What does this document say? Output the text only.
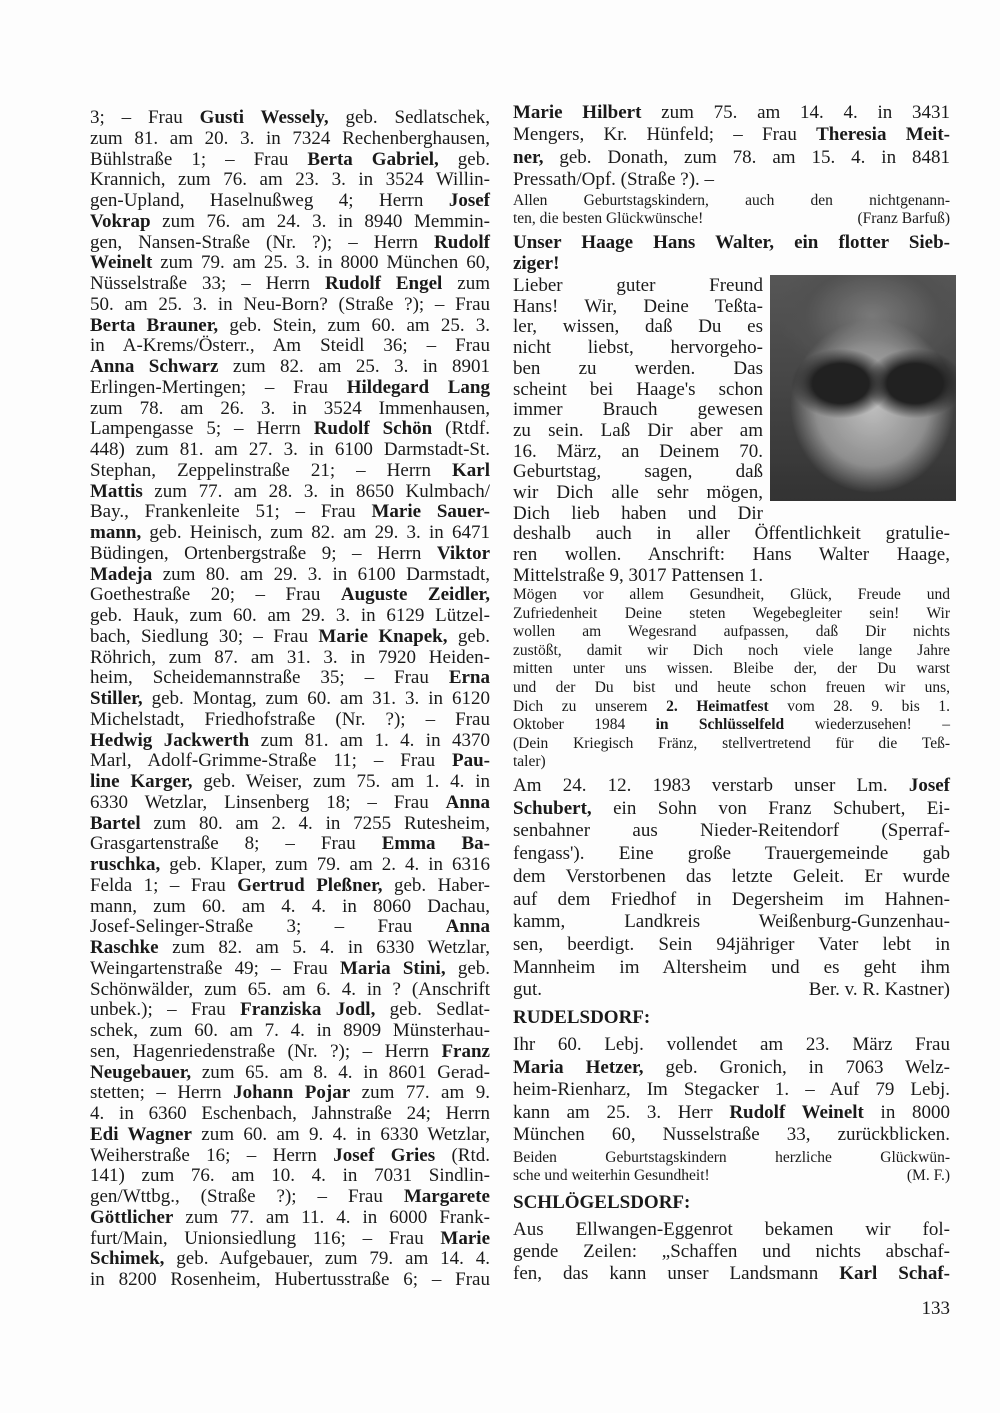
3; – Frau Gusti Wessely, geb. Sedlatschek,
zum 81. am 20. 3. in 7324 Rechenberghausen,
Bühlstraße 1; – Frau Berta Gabriel, geb.
Krannich, zum 76. am 23. 3. in 3524 Willin-
gen-Upland, Haselnußweg 4; Herrn Josef
Vokrap zum 76. am 24. 3. in 8940 Memmin-
gen, Nansen-Straße (Nr. ?); – Herrn Rudolf
Weinelt zum 79. am 25. 3. in 8000 München 60,
Nüsselstraße 33; – Herrn Rudolf Engel zum
50. am 25. 3. in Neu-Born? (Straße ?); – Frau
Berta Brauner, geb. Stein, zum 60. am 25. 3.
in A-Krems/Österr., Am Steidl 36; – Frau
Anna Schwarz zum 82. am 25. 3. in 8901
Erlingen-Mertingen; – Frau Hildegard Lang
zum 78. am 26. 3. in 3524 Immenhausen,
Lampengasse 5; – Herrn Rudolf Schön (Rtdf.
448) zum 81. am 27. 3. in 6100 Darmstadt-St.
Stephan, Zeppelinstraße 21; – Herrn Karl
Mattis zum 77. am 28. 3. in 8650 Kulmbach/
Bay., Frankenleite 51; – Frau Marie Sauer-
mann, geb. Heinisch, zum 82. am 29. 3. in 6471
Büdingen, Ortenbergstraße 9; – Herrn Viktor
Madeja zum 80. am 29. 3. in 6100 Darmstadt,
Goethestraße 20; – Frau Auguste Zeidler,
geb. Hauk, zum 60. am 29. 3. in 6129 Lützel-
bach, Siedlung 30; – Frau Marie Knapek, geb.
Röhrich, zum 87. am 31. 3. in 7920 Heiden-
heim, Scheidemannstraße 35; – Frau Erna
Stiller, geb. Montag, zum 60. am 31. 3. in 6120
Michelstadt, Friedhofstraße (Nr. ?); – Frau
Hedwig Jackwerth zum 81. am 1. 4. in 4370
Marl, Adolf-Grimme-Straße 11; – Frau Pau-
line Karger, geb. Weiser, zum 75. am 1. 4. in
6330 Wetzlar, Linsenberg 18; – Frau Anna
Bartel zum 80. am 2. 4. in 7255 Rutesheim,
Grasgartenstraße 8; – Frau Emma Ba-
ruschka, geb. Klaper, zum 79. am 2. 4. in 6316
Felda 1; – Frau Gertrud Pleßner, geb. Haber-
mann, zum 60. am 4. 4. in 8060 Dachau,
Josef-Selinger-Straße 3; – Frau Anna
Raschke zum 82. am 5. 4. in 6330 Wetzlar,
Weingartenstraße 49; – Frau Maria Stini, geb.
Schönwälder, zum 65. am 6. 4. in ? (Anschrift
unbek.); – Frau Franziska Jodl, geb. Sedlat-
schek, zum 60. am 7. 4. in 8909 Münsterhau-
sen, Hagenriedenstraße (Nr. ?); – Herrn Franz
Neugebauer, zum 65. am 8. 4. in 8601 Gerad-
stetten; – Herrn Johann Pojar zum 77. am 9.
4. in 6360 Eschenbach, Jahnstraße 24; Herrn
Edi Wagner zum 60. am 9. 4. in 6330 Wetzlar,
Weiherstraße 16; – Herrn Josef Gries (Rtd.
141) zum 76. am 10. 4. in 7031 Sindlin-
gen/Wttbg., (Straße ?); – Frau Margarete
Göttlicher zum 77. am 11. 4. in 6000 Frank-
furt/Main, Unionsiedlung 116; – Frau Marie
Schimek, geb. Aufgebauer, zum 79. am 14. 4.
in 8200 Rosenheim, Hubertusstraße 6; – Frau
Marie Hilbert zum 75. am 14. 4. in 3431
Mengers, Kr. Hünfeld; – Frau Theresia Meit-
ner, geb. Donath, zum 78. am 15. 4. in 8481
Pressath/Opf. (Straße ?). –
Allen Geburtstagskindern, auch den nichtgenann-
ten, die besten Glückwünsche!	(Franz Barfuß)
Unser Haage Hans Walter, ein flotter Sieb-
ziger!
Lieber guter Freund
Hans! Wir, Deine Teßta-
ler, wissen, daß Du es
nicht liebst, hervorgeho-
ben zu werden. Das
scheint bei Haage's schon
immer Brauch gewesen
zu sein. Laß Dir aber am
16. März, an Deinem 70.
Geburtstag, sagen, daß
wir Dich alle sehr mögen,
Dich lieb haben und Dir
deshalb auch in aller Öffentlichkeit gratulie-
ren wollen. Anschrift: Hans Walter Haage,
Mittelstraße 9, 3017 Pattensen 1.
Mögen vor allem Gesundheit, Glück, Freude und
Zufriedenheit Deine steten Wegebegleiter sein! Wir
wollen am Wegesrand aufpassen, daß Dir nichts
zustößt, damit wir Dich noch viele lange Jahre
mitten unter uns wissen. Bleibe der, der Du warst
und der Du bist und heute schon freuen wir uns,
Dich zu unserem 2. Heimatfest vom 28. 9. bis 1.
Oktober 1984 in Schlüsselfeld wiederzusehen! –
(Dein Kriegisch Fränz, stellvertretend für die Teß-
taler)
Am 24. 12. 1983 verstarb unser Lm. Josef
Schubert, ein Sohn von Franz Schubert, Ei-
senbahner aus Nieder-Reitendorf (Sperraf-
fengass'). Eine große Trauergemeinde gab
dem Verstorbenen das letzte Geleit. Er wurde
auf dem Friedhof in Degersheim im Hahnen-
kamm, Landkreis Weißenburg-Gunzenhau-
sen, beerdigt. Sein 94jähriger Vater lebt in
Mannheim im Altersheim und es geht ihm
gut.	Ber. v. R. Kastner)
RUDELSDORF:
Ihr 60. Lebj. vollendet am 23. März Frau
Maria Hetzer, geb. Gronich, in 7063 Welz-
heim-Rienharz, Im Stegacker 1. – Auf 79 Lebj.
kann am 25. 3. Herr Rudolf Weinelt in 8000
München 60, Nusselstraße 33, zurückblicken.
Beiden Geburtstagskindern herzliche Glückwün-
sche und weiterhin Gesundheit!	(M. F.)
SCHLÖGELSDORF:
Aus Ellwangen-Eggenrot bekamen wir fol-
gende Zeilen: „Schaffen und nichts abschaf-
fen, das kann unser Landsmann Karl Schaf-
133
